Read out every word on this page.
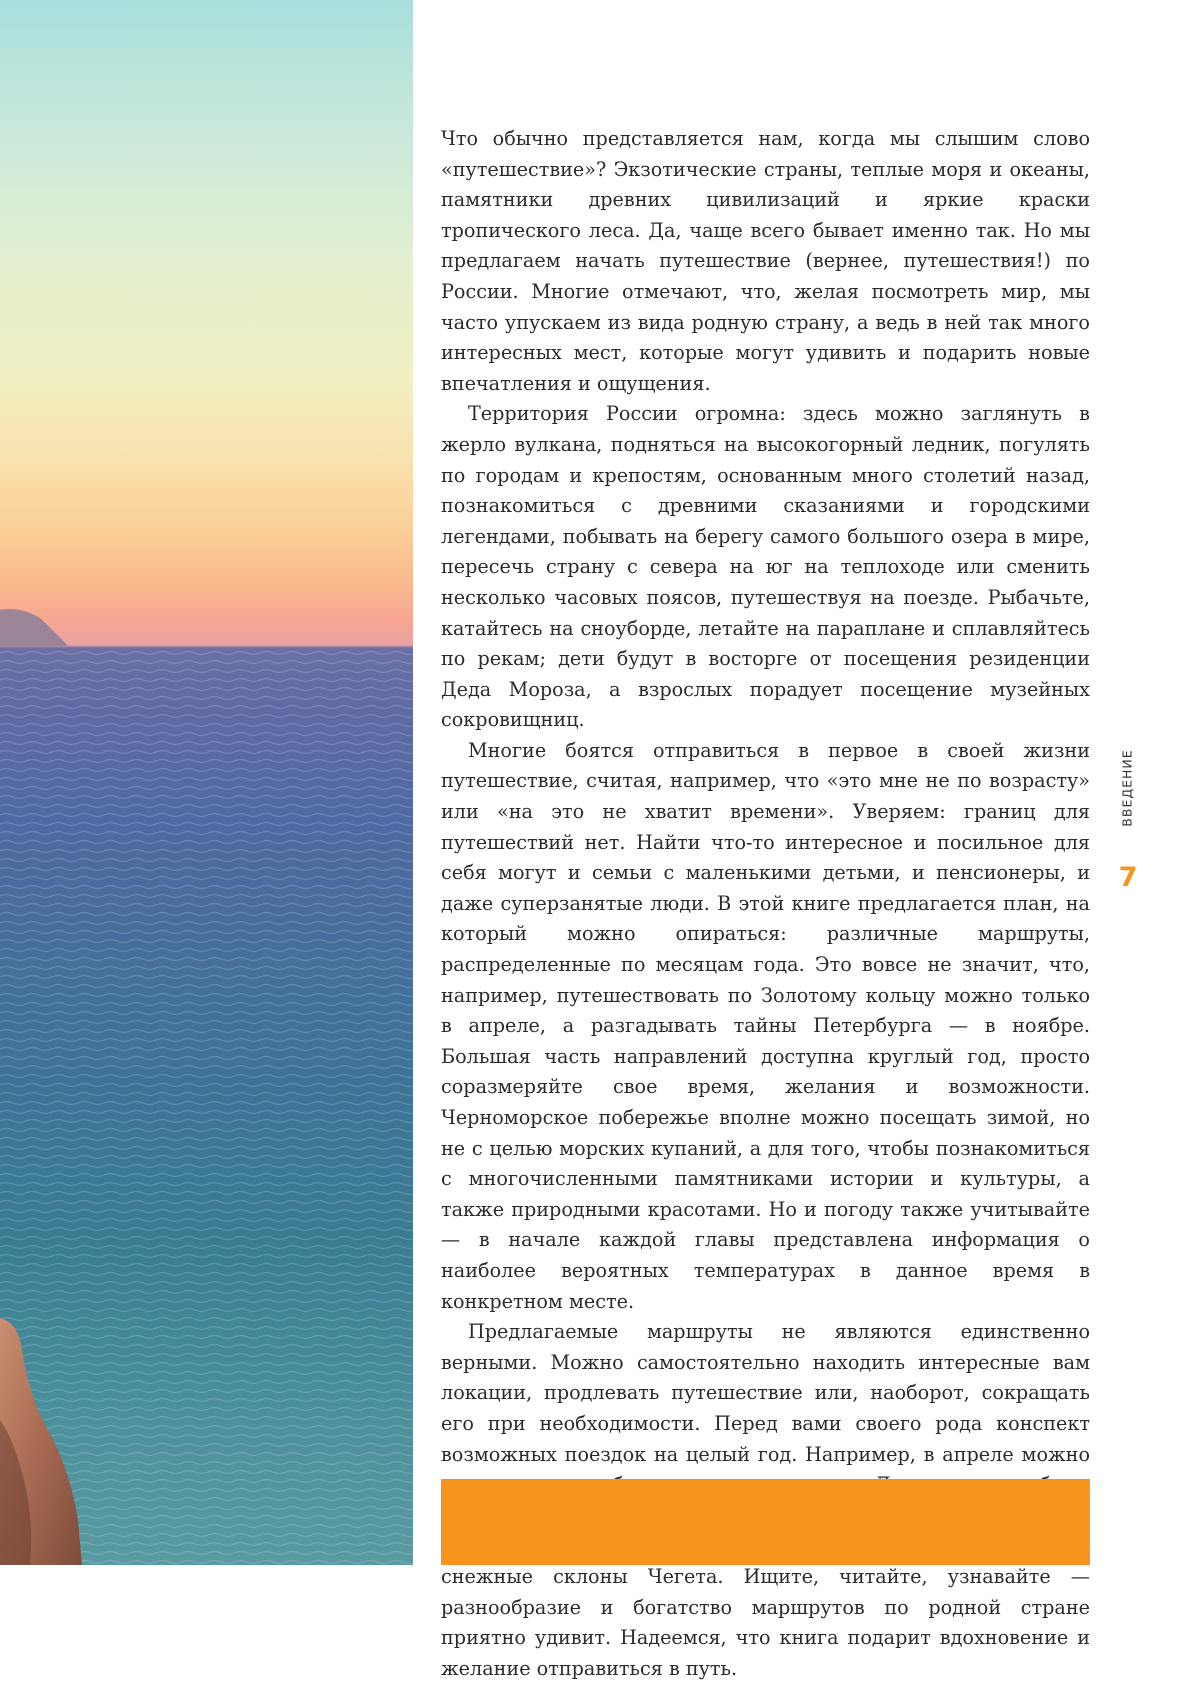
Что обычно представляется нам, когда мы слышим слово «путешествие»? Экзотические страны, теплые моря и океаны, памятники древних цивилизаций и яркие краски тропического леса. Да, чаще всего бывает именно так. Но мы предлагаем начать путешествие (вернее, путешествия!) по России. Многие отмечают, что, желая посмотреть мир, мы часто упускаем из вида родную страну, а ведь в ней так много интересных мест, которые могут удивить и подарить новые впечатления и ощущения.

Территория России огромна: здесь можно заглянуть в жерло вулкана, подняться на высокогорный ледник, погулять по городам и крепостям, основанным много столетий назад, познакомиться с древними сказаниями и городскими легендами, побывать на берегу самого большого озера в мире, пересечь страну с севера на юг на теплоходе или сменить несколько часовых поясов, путешествуя на поезде. Рыбачьте, катайтесь на сноуборде, летайте на параплане и сплавляйтесь по рекам; дети будут в восторге от посещения резиденции Деда Мороза, а взрослых порадует посещение музейных сокровищниц.

Многие боятся отправиться в первое в своей жизни путешествие, считая, например, что «это мне не по возрасту» или «на это не хватит времени». Уверяем: границ для путешествий нет. Найти что-то интересное и посильное для себя могут и семьи с маленькими детьми, и пенсионеры, и даже суперзанятые люди. В этой книге предлагается план, на который можно опираться: различные маршруты, распределенные по месяцам года. Это вовсе не значит, что, например, путешествовать по Золотому кольцу можно только в апреле, а разгадывать тайны Петербурга — в ноябре. Большая часть направлений доступна круглый год, просто соразмеряйте свое время, желания и возможности. Черноморское побережье вполне можно посещать зимой, но не с целью морских купаний, а для того, чтобы познакомиться с многочисленными памятниками истории и культуры, а также природными красотами. Но и погоду также учитывайте — в начале каждой главы представлена информация о наиболее вероятных температурах в данное время в конкретном месте.

Предлагаемые маршруты не являются единственно верными. Можно самостоятельно находить интересные вам локации, продлевать путешествие или, наоборот, сокращать его при необходимости. Перед вами своего рода конспект возможных поездок на целый год. Например, в апреле можно снежные склоны Чегета. Ищите, читайте, узнавайте — разнообразие и богатство маршрутов по родной стране приятно удивит. Надеемся, что книга подарит вдохновение и желание отправиться в путь.

ВВЕДЕНИЕ
7
